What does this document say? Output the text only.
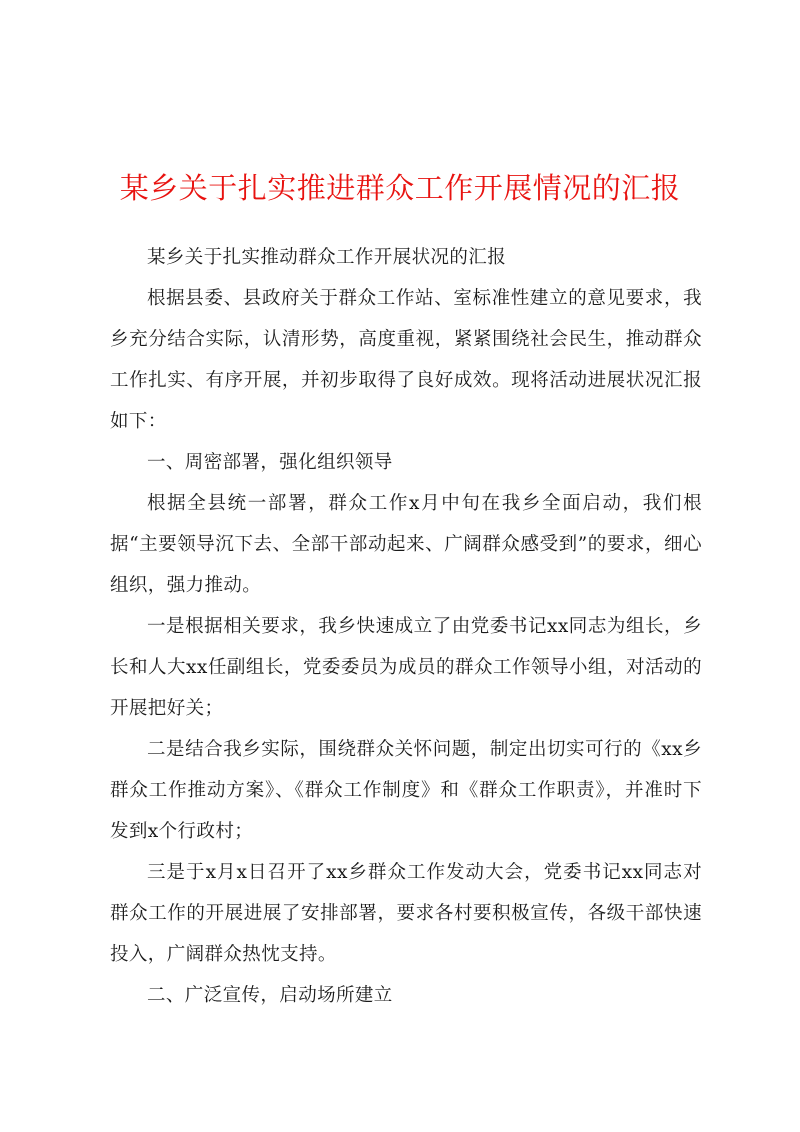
某乡关于扎实推进群众工作开展情况的汇报

某乡关于扎实推动群众工作开展状况的汇报

根据县委、县政府关于群众工作站、室标准性建立的意见要求，我乡充分结合实际，认清形势，高度重视，紧紧围绕社会民生，推动群众工作扎实、有序开展，并初步取得了良好成效。现将活动进展状况汇报如下：

一、周密部署，强化组织领导

根据全县统一部署，群众工作x月中旬在我乡全面启动，我们根据“主要领导沉下去、全部干部动起来、广阔群众感受到”的要求，细心组织，强力推动。

一是根据相关要求，我乡快速成立了由党委书记xx同志为组长，乡长和人大xx任副组长，党委委员为成员的群众工作领导小组，对活动的开展把好关；

二是结合我乡实际，围绕群众关怀问题，制定出切实可行的《xx乡群众工作推动方案》、《群众工作制度》和《群众工作职责》，并准时下发到x个行政村；

三是于x月x日召开了xx乡群众工作发动大会，党委书记xx同志对群众工作的开展进展了安排部署，要求各村要积极宣传，各级干部快速投入，广阔群众热忱支持。

二、广泛宣传，启动场所建立
